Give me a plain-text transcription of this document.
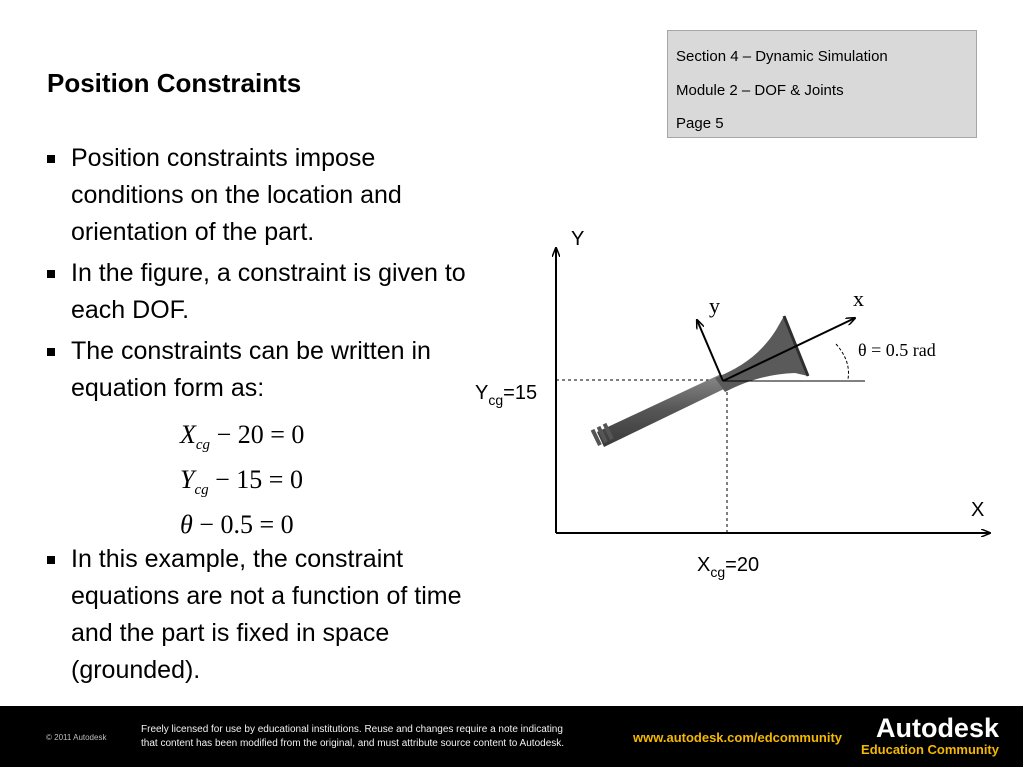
Position Constraints
Section 4 – Dynamic Simulation
Module 2 – DOF & Joints
Page 5
Position constraints impose conditions on the location and orientation of the part.
In the figure, a constraint is given to each DOF.
The constraints can be written in equation form as:
$X_{cg} - 20 = 0$
$Y_{cg} - 15 = 0$
θ − 0.5 = 0
In this example, the constraint equations are not a function of time and the part is fixed in space (grounded).
Y
X
x
y
θ = 0.5 rad
$Y_{cg}=15$
$X_{cg}=20$
© 2011 Autodesk
Freely licensed for use by educational institutions. Reuse and changes require a note indicating
that content has been modified from the original, and must attribute source content to Autodesk.	www.autodesk.com/edcommunity	Autodesk
Education Community
